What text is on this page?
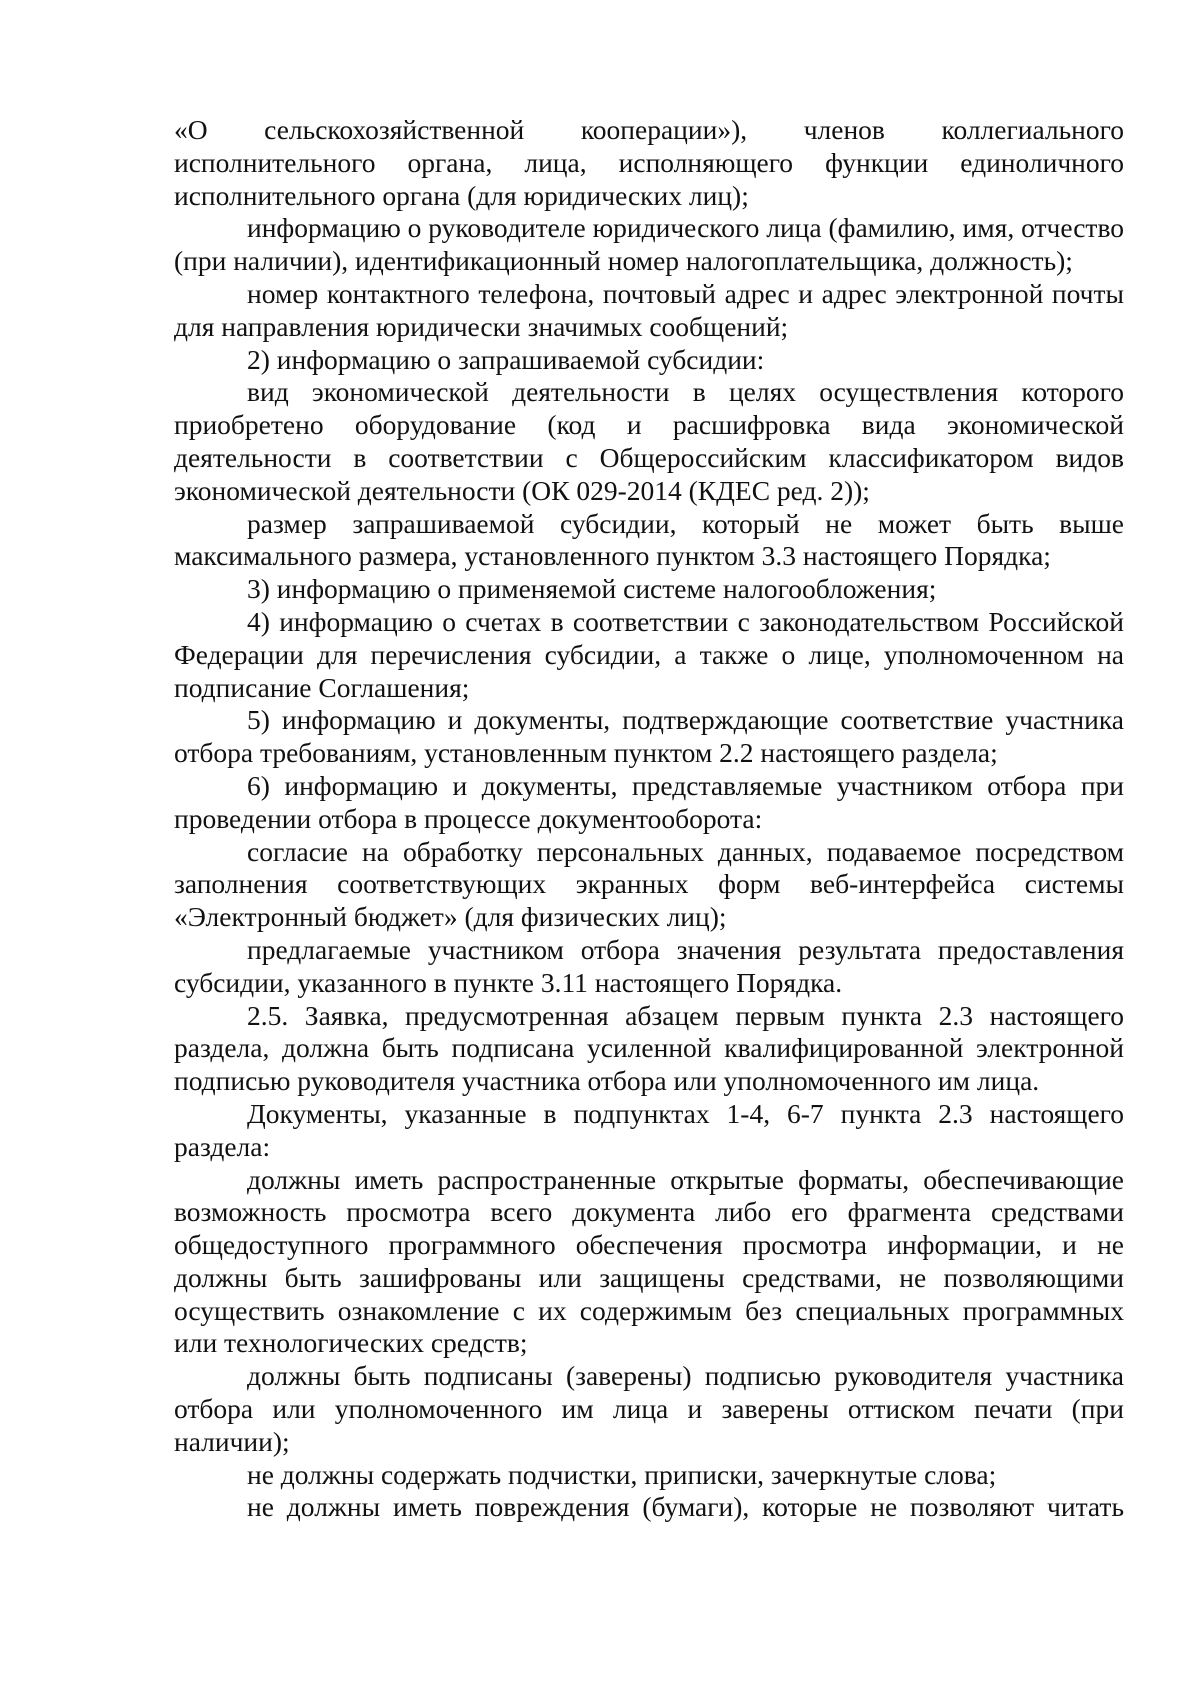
«О сельскохозяйственной кооперации»), членов коллегиального исполнительного органа, лица, исполняющего функции единоличного исполнительного органа (для юридических лиц);

информацию о руководителе юридического лица (фамилию, имя, отчество (при наличии), идентификационный номер налогоплательщика, должность);

номер контактного телефона, почтовый адрес и адрес электронной почты для направления юридически значимых сообщений;

2) информацию о запрашиваемой субсидии:

вид экономической деятельности в целях осуществления которого приобретено оборудование (код и расшифровка вида экономической деятельности в соответствии с Общероссийским классификатором видов экономической деятельности (ОК 029-2014 (КДЕС ред. 2));

размер запрашиваемой субсидии, который не может быть выше максимального размера, установленного пунктом 3.3 настоящего Порядка;

3) информацию о применяемой системе налогообложения;

4) информацию о счетах в соответствии с законодательством Российской Федерации для перечисления субсидии, а также о лице, уполномоченном на подписание Соглашения;

5) информацию и документы, подтверждающие соответствие участника отбора требованиям, установленным пунктом 2.2 настоящего раздела;

6) информацию и документы, представляемые участником отбора при проведении отбора в процессе документооборота:

согласие на обработку персональных данных, подаваемое посредством заполнения соответствующих экранных форм веб-интерфейса системы «Электронный бюджет» (для физических лиц);

предлагаемые участником отбора значения результата предоставления субсидии, указанного в пункте 3.11 настоящего Порядка.

2.5. Заявка, предусмотренная абзацем первым пункта 2.3 настоящего раздела, должна быть подписана усиленной квалифицированной электронной подписью руководителя участника отбора или уполномоченного им лица.

Документы, указанные в подпунктах 1-4, 6-7 пункта 2.3 настоящего раздела:

должны иметь распространенные открытые форматы, обеспечивающие возможность просмотра всего документа либо его фрагмента средствами общедоступного программного обеспечения просмотра информации, и не должны быть зашифрованы или защищены средствами, не позволяющими осуществить ознакомление с их содержимым без специальных программных или технологических средств;

должны быть подписаны (заверены) подписью руководителя участника отбора или уполномоченного им лица и заверены оттиском печати (при наличии);

не должны содержать подчистки, приписки, зачеркнутые слова;

не должны иметь повреждения (бумаги), которые не позволяют читать
